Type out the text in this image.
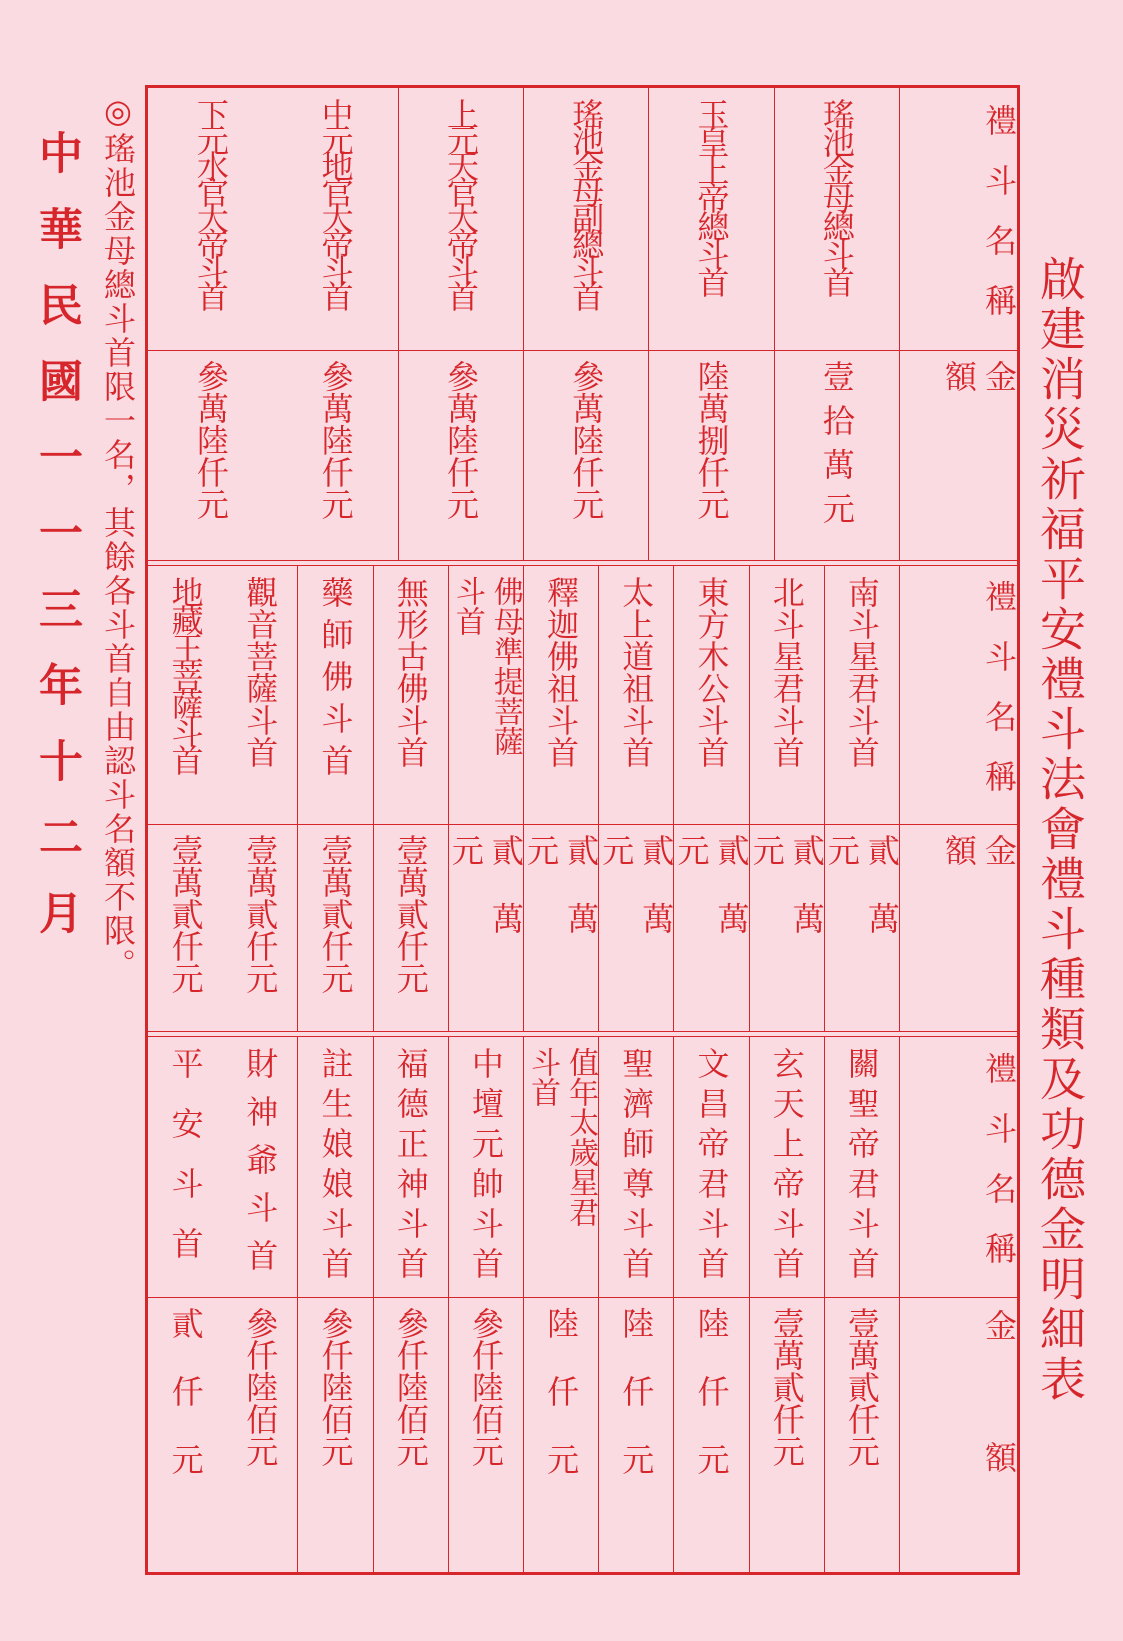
啟建消災祈福平安禮斗法會禮斗種類及功德金明細表
中華民國一一三年十二月 ◎瑤池金母總斗首限一名，其餘各斗首自由認斗名額不限。	禮斗名稱
瑤池金母總斗首
玉皇上帝總斗首
瑤池金母副總斗首
上元天官大帝斗首
中元地官大帝斗首
下元水官大帝斗首
金額
壹拾萬元
陸萬捌仟元
參萬陸仟元
參萬陸仟元
參萬陸仟元
參萬陸仟元
禮斗名稱
南斗星君斗首
北斗星君斗首
東方木公斗首
太上道祖斗首
釋迦佛祖斗首
佛母準提菩薩
斗首
無形古佛斗首
藥師佛斗首
觀音菩薩斗首
地藏王菩薩斗首
金額
貳萬元
貳萬元
貳萬元
貳萬元
貳萬元
貳萬元
壹萬貳仟元
壹萬貳仟元
壹萬貳仟元
壹萬貳仟元
禮斗名稱
關聖帝君斗首
玄天上帝斗首
文昌帝君斗首
聖濟師尊斗首
值年太歲星君
斗首
中壇元帥斗首
福德正神斗首
註生娘娘斗首
財神爺斗首
平安斗首
金額
壹萬貳仟元
壹萬貳仟元
陸仟元
陸仟元
陸仟元
參仟陸佰元
參仟陸佰元
參仟陸佰元
參仟陸佰元
貳仟元
